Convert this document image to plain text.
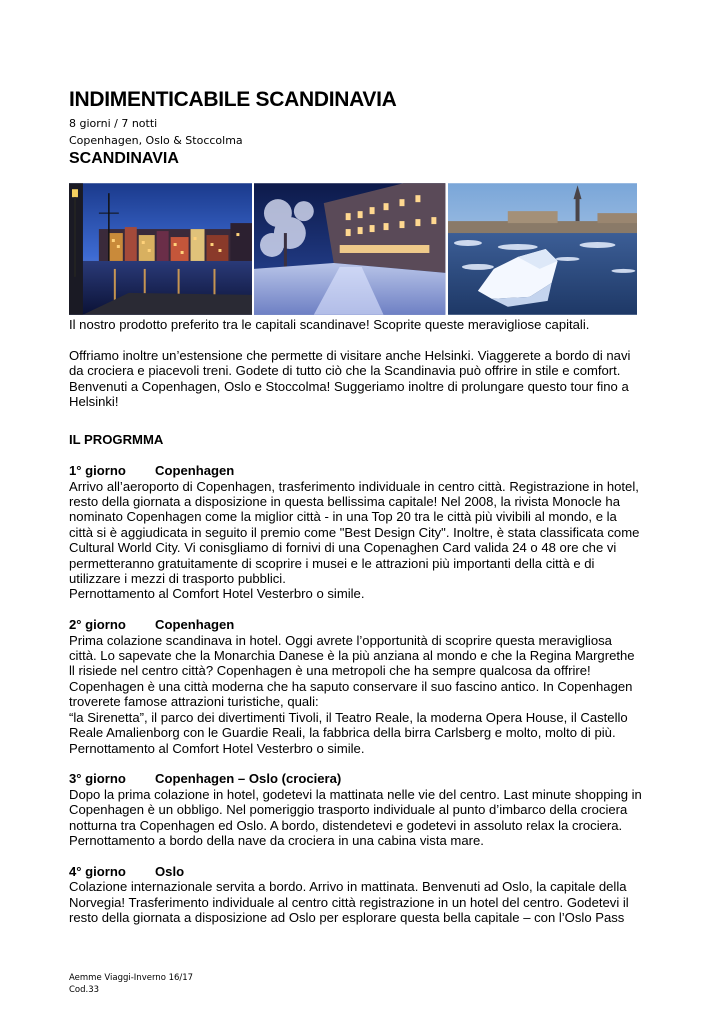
INDIMENTICABILE SCANDINAVIA
8 giorni / 7 notti
Copenhagen, Oslo & Stoccolma
SCANDINAVIA

Il nostro prodotto preferito tra le capitali scandinave! Scoprite queste meravigliose capitali.

Offriamo inoltre un’estensione che permette di visitare anche Helsinki. Viaggerete a bordo di navi

da crociera e piacevoli treni. Godete di tutto ciò che la Scandinavia può offrire in stile e comfort.

Benvenuti a Copenhagen, Oslo e Stoccolma! Suggeriamo inoltre di prolungare questo tour fino a

Helsinki!

IL PROGRMMA

1° giorno Copenhagen

Arrivo all’aeroporto di Copenhagen, trasferimento individuale in centro città. Registrazione in hotel,

resto della giornata a disposizione in questa bellissima capitale! Nel 2008, la rivista Monocle ha

nominato Copenhagen come la miglior città - in una Top 20 tra le città più vivibili al mondo, e la

città si è aggiudicata in seguito il premio come "Best Design City". Inoltre, è stata classificata come

Cultural World City. Vi conisgliamo di fornivi di una Copenaghen Card valida 24 o 48 ore che vi

permetteranno gratuitamente di scoprire i musei e le attrazioni più importanti della città e di

utilizzare i mezzi di trasporto pubblici.

Pernottamento al Comfort Hotel Vesterbro o simile.

2° giorno Copenhagen

Prima colazione scandinava in hotel. Oggi avrete l’opportunità di scoprire questa meravigliosa

città. Lo sapevate che la Monarchia Danese è la più anziana al mondo e che la Regina Margrethe

ll risiede nel centro città? Copenhagen è una metropoli che ha sempre qualcosa da offrire!

Copenhagen è una città moderna che ha saputo conservare il suo fascino antico. In Copenhagen

troverete famose attrazioni turistiche, quali:

“la Sirenetta”, il parco dei divertimenti Tivoli, il Teatro Reale, la moderna Opera House, il Castello

Reale Amalienborg con le Guardie Reali, la fabbrica della birra Carlsberg e molto, molto di più.

Pernottamento al Comfort Hotel Vesterbro o simile.

3° giorno Copenhagen – Oslo (crociera)

Dopo la prima colazione in hotel, godetevi la mattinata nelle vie del centro. Last minute shopping in

Copenhagen è un obbligo. Nel pomeriggio trasporto individuale al punto d’imbarco della crociera

notturna tra Copenhagen ed Oslo. A bordo, distendetevi e godetevi in assoluto relax la crociera.

Pernottamento a bordo della nave da crociera in una cabina vista mare.

4° giorno Oslo

Colazione internazionale servita a bordo. Arrivo in mattinata. Benvenuti ad Oslo, la capitale della

Norvegia! Trasferimento individuale al centro città registrazione in un hotel del centro. Godetevi il

resto della giornata a disposizione ad Oslo per esplorare questa bella capitale – con l’Oslo Pass

Aemme Viaggi-Inverno 16/17
Cod.33
